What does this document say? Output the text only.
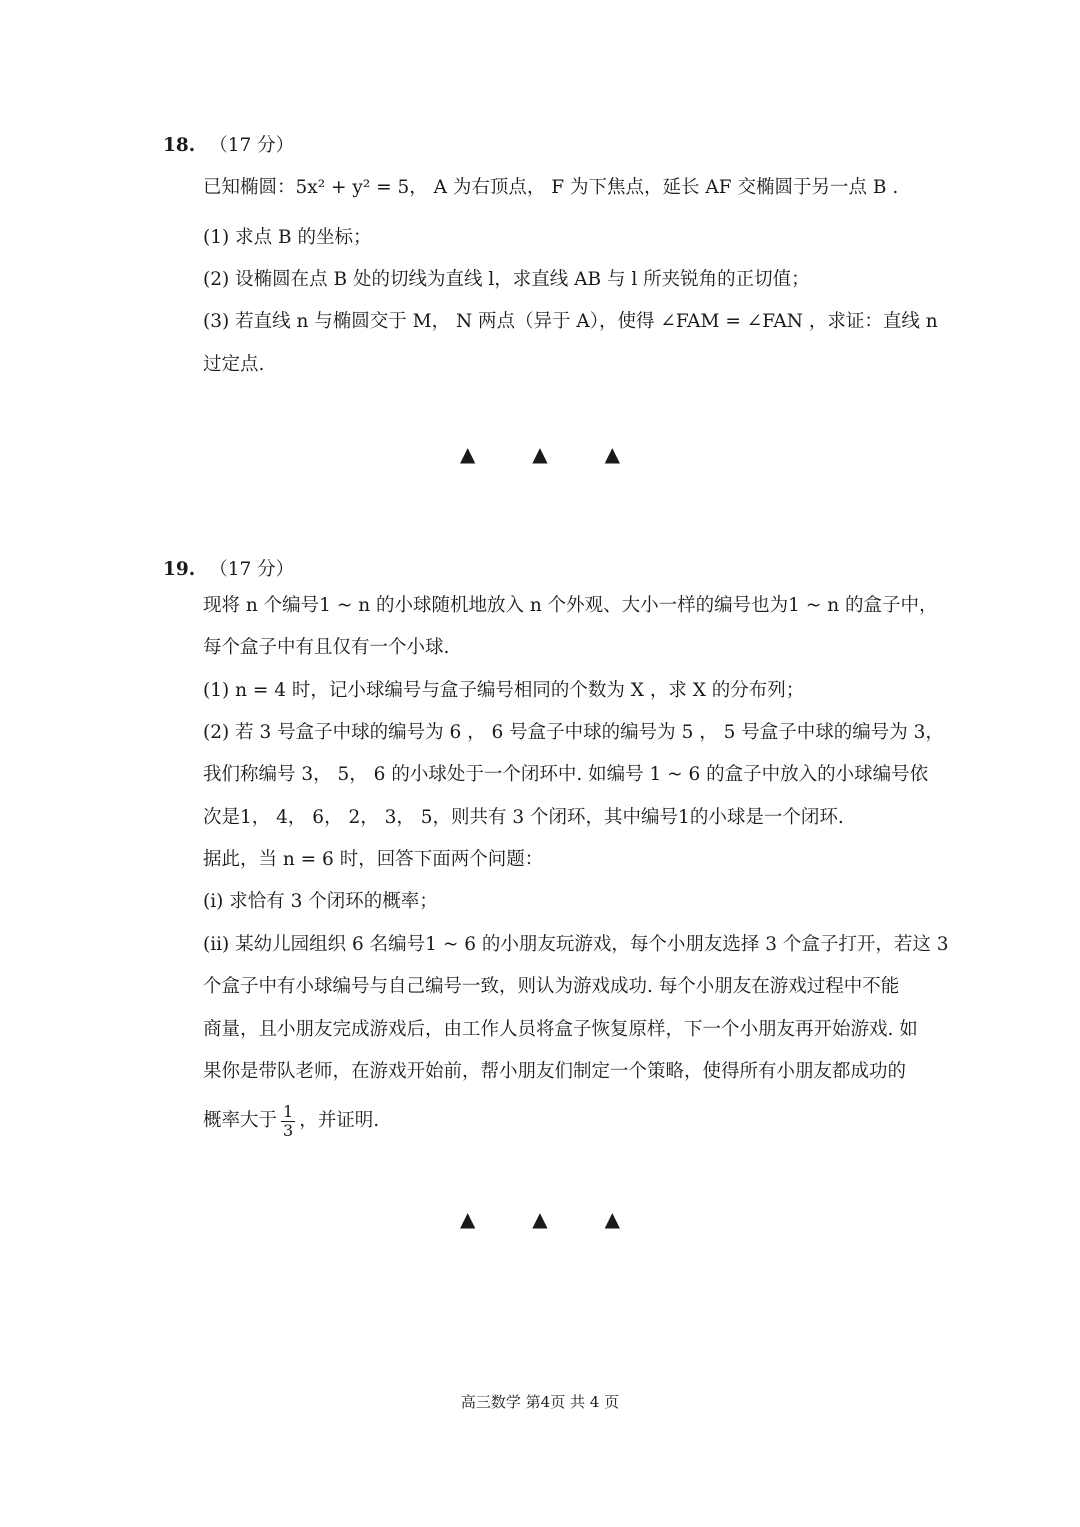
18. （17 分）
已知椭圆：5x² + y² = 5， A 为右顶点， F 为下焦点，延长 AF 交椭圆于另一点 B .
(1) 求点 B 的坐标；
(2) 设椭圆在点 B 处的切线为直线 l，求直线 AB 与 l 所夹锐角的正切值；
(3) 若直线 n 与椭圆交于 M， N 两点（异于 A），使得 ∠FAM = ∠FAN ，求证：直线 n
过定点.
▲	▲	▲
19. （17 分）
现将 n 个编号1 ~ n 的小球随机地放入 n 个外观、大小一样的编号也为1 ~ n 的盒子中，
每个盒子中有且仅有一个小球.
(1) n = 4 时，记小球编号与盒子编号相同的个数为 X ，求 X 的分布列；
(2) 若 3 号盒子中球的编号为 6 ， 6 号盒子中球的编号为 5 ， 5 号盒子中球的编号为 3，
我们称编号 3， 5， 6 的小球处于一个闭环中. 如编号 1 ~ 6 的盒子中放入的小球编号依
次是1， 4， 6， 2， 3， 5，则共有 3 个闭环，其中编号1的小球是一个闭环.
据此，当 n = 6 时，回答下面两个问题：
(i) 求恰有 3 个闭环的概率；
(ii) 某幼儿园组织 6 名编号1 ~ 6 的小朋友玩游戏，每个小朋友选择 3 个盒子打开，若这 3
个盒子中有小球编号与自己编号一致，则认为游戏成功. 每个小朋友在游戏过程中不能
商量，且小朋友完成游戏后，由工作人员将盒子恢复原样，下一个小朋友再开始游戏. 如
果你是带队老师，在游戏开始前，帮小朋友们制定一个策略，使得所有小朋友都成功的
概率大于 $\frac{1}{3}$ ，并证明.
▲	▲	▲
高三数学 第4页 共 4 页
